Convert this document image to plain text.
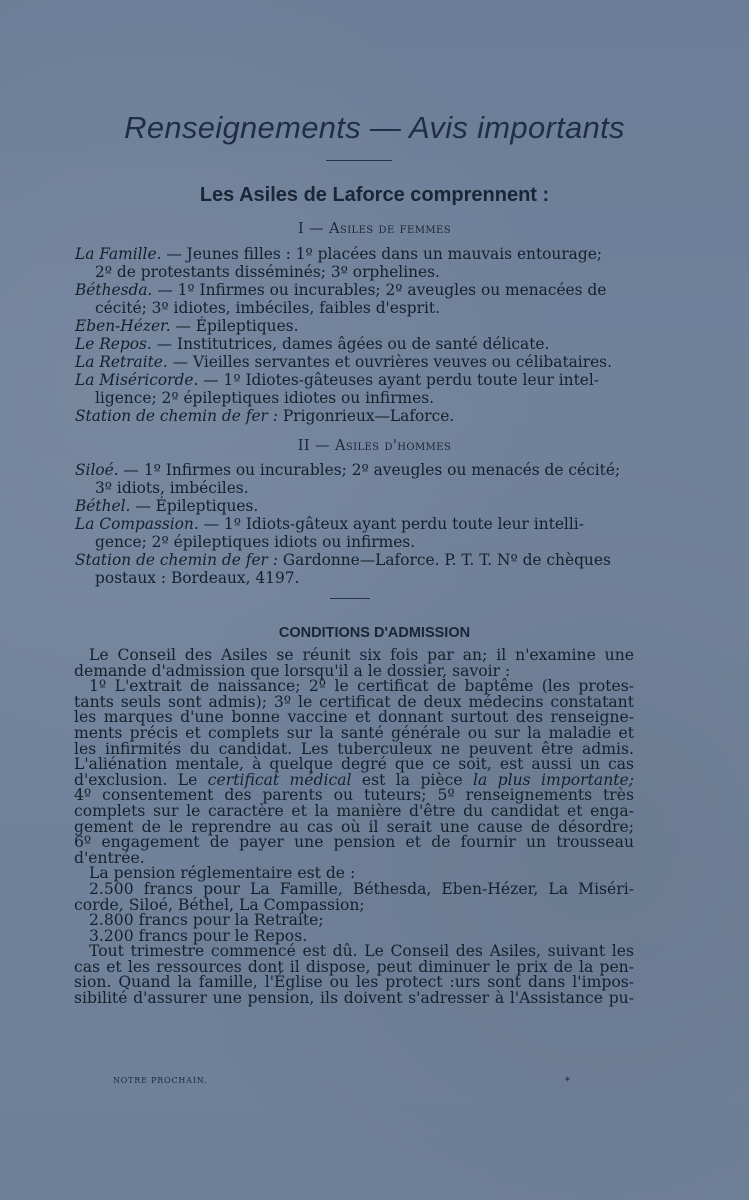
Renseignements — Avis importants
Les Asiles de Laforce comprennent :
I — Asiles de femmes
La Famille. — Jeunes filles : 1º placées dans un mauvais entourage;
2º de protestants disséminés; 3º orphelines.
Béthesda. — 1º Infirmes ou incurables; 2º aveugles ou menacées de
cécité; 3º idiotes, imbéciles, faibles d'esprit.
Eben-Hézer. — Épileptiques.
Le Repos. — Institutrices, dames âgées ou de santé délicate.
La Retraite. — Vieilles servantes et ouvrières veuves ou célibataires.
La Miséricorde. — 1º Idiotes-gâteuses ayant perdu toute leur intel-
ligence; 2º épileptiques idiotes ou infirmes.
Station de chemin de fer : Prigonrieux—Laforce.
II — Asiles d'hommes
Siloé. — 1º Infirmes ou incurables; 2º aveugles ou menacés de cécité;
3º idiots, imbéciles.
Béthel. — Épileptiques.
La Compassion. — 1º Idiots-gâteux ayant perdu toute leur intelli-
gence; 2º épileptiques idiots ou infirmes.
Station de chemin de fer : Gardonne—Laforce. P. T. T. Nº de chèques
postaux : Bordeaux, 4197.
CONDITIONS D'ADMISSION
Le Conseil des Asiles se réunit six fois par an; il n'examine une
demande d'admission que lorsqu'il a le dossier, savoir :
1º L'extrait de naissance; 2º le certificat de baptême (les protes-
tants seuls sont admis); 3º le certificat de deux médecins constatant
les marques d'une bonne vaccine et donnant surtout des renseigne-
ments précis et complets sur la santé générale ou sur la maladie et
les infirmités du candidat. Les tuberculeux ne peuvent être admis.
L'aliénation mentale, à quelque degré que ce soit, est aussi un cas
d'exclusion. Le certificat médical est la pièce la plus importante;
4º consentement des parents ou tuteurs; 5º renseignements très
complets sur le caractère et la manière d'être du candidat et enga-
gement de le reprendre au cas où il serait une cause de désordre;
6º engagement de payer une pension et de fournir un trousseau
d'entrée.
La pension réglementaire est de :
2.500 francs pour La Famille, Béthesda, Eben-Hézer, La Miséri-
corde, Siloé, Béthel, La Compassion;
2.800 francs pour la Retraite;
3.200 francs pour le Repos.
Tout trimestre commencé est dû. Le Conseil des Asiles, suivant les
cas et les ressources dont il dispose, peut diminuer le prix de la pen-
sion. Quand la famille, l'Église ou les protect :urs sont dans l'impos-
sibilité d'assurer une pension, ils doivent s'adresser à l'Assistance pu-
NOTRE PROCHAIN.	*
